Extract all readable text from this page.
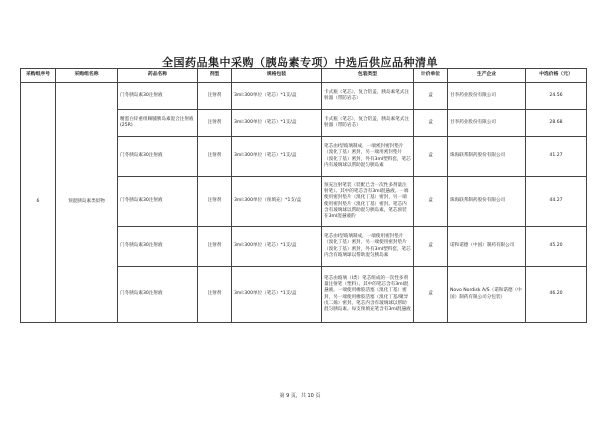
全国药品集中采购（胰岛素专项）中选后供应品种清单
采购组序号	采购组名称	药品名称	剂型	规格包装	包装类型	计价单位	生产企业	中选价格（元）
6	预混胰岛素类似物	门冬胰岛素30注射液	注射剂	3ml:300单位（笔芯）*1支/盒	卡式瓶（笔芯），复合铝盖，胰岛素笔式注射器（带防岩芯）	盒	甘李药业股份有限公司	24.56
		精蛋白锌重组赖脯胰岛素混合注射液(25R)	注射剂	3ml:300单位（笔芯）*1支/盒	卡式瓶（笔芯），复合铝盖，胰岛素笔式注射器（带防岩芯）	盒	甘李药业股份有限公司	28.68
		门冬胰岛素30注射液	注射剂	3ml:300单位（笔芯）*1支/盒	笔芯由Ⅰ型玻璃制成，一端密封密封垫片（溴化丁基）密封，另一端用密封垫片（溴化丁基）密封，外有3ml塑料套，笔芯内有玻璃球以帮助混匀胰岛素	盒	珠海联邦制药股份有限公司	41.27
		门冬胰岛素30注射液	注射剂	3ml:300单位（预填充）*1支/盒	预充注射笔装（装配已含一次性多剂量注射笔）。其中的笔芯含有3ml混悬液。一端使用密封垫片（溴化丁基）密封，另一端使用密封垫片（溴化丁基）密封。笔芯内含有玻璃球以帮助混匀胰岛素，笔芯预装在3ml混悬液的	盒	珠海联邦制药股份有限公司	44.27
		门冬胰岛素30注射液	注射剂	3ml:300单位（笔芯）*1支/盒	笔芯由Ⅰ型玻璃制成，一端使用密封垫片（溴化丁基）密封，另一端使用密封垫片（溴化丁基）密封，外有3ml塑料套，笔芯内含有玻璃球以帮助混匀胰岛素	盒	诺和诺德（中国）制药有限公司	45.20
		门冬胰岛素30注射液	注射剂	3ml:300单位（笔芯）*1支/盒	笔芯由玻璃（Ⅰ类）笔芯组成的一次性多剂量注射笔（塑料）。其中的笔芯含有3ml混悬液。一端使用橡胶活塞（溴化丁基）密封，另一端使用橡胶活塞（溴化丁基/聚异戊二烯）密封。笔芯内含有玻璃球以帮助混匀胰岛素。每支预填充笔含有3ml混悬液	盒	Novo Nordisk A/S（诺和诺德（中国）制药有限公司分包装）	46.20
第 9 页，共 10 页
